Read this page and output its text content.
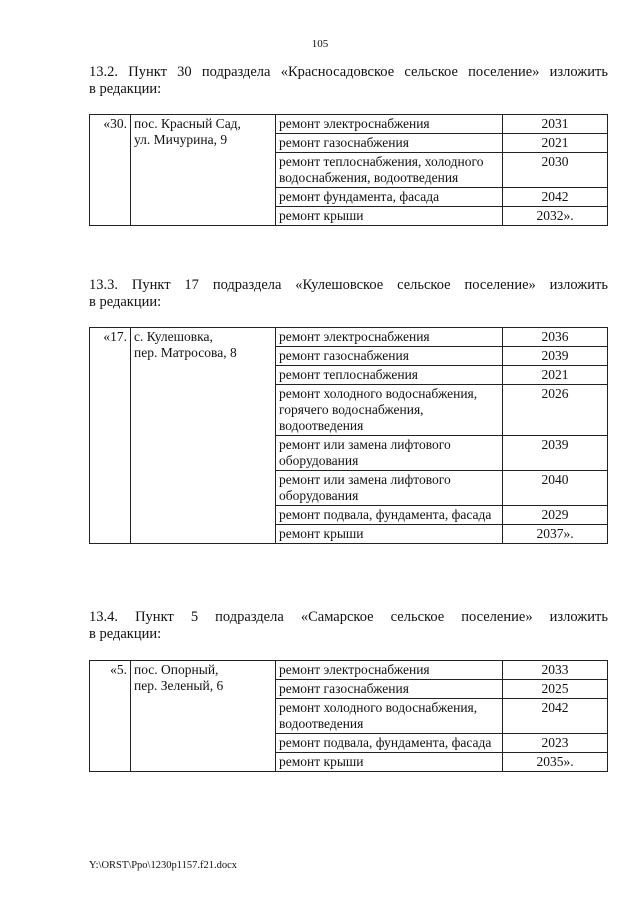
105
13.2. Пункт 30 подраздела «Красносадовское сельское поселение» изложить
в редакции:
«30.	пос. Красный Сад,
ул. Мичурина, 9	ремонт электроснабжения	2031
		ремонт газоснабжения	2021
		ремонт теплоснабжения, холодного водоснабжения, водоотведения	2030
		ремонт фундамента, фасада	2042
		ремонт крыши	2032».
13.3. Пункт 17 подраздела «Кулешовское сельское поселение» изложить
в редакции:
«17.	с. Кулешовка,
пер. Матросова, 8	ремонт электроснабжения	2036
		ремонт газоснабжения	2039
		ремонт теплоснабжения	2021
		ремонт холодного водоснабжения, горячего водоснабжения, водоотведения	2026
		ремонт или замена лифтового оборудования	2039
		ремонт или замена лифтового оборудования	2040
		ремонт подвала, фундамента, фасада	2029
		ремонт крыши	2037».
13.4. Пункт 5 подраздела «Самарское сельское поселение» изложить
в редакции:
«5.	пос. Опорный,
пер. Зеленый, 6	ремонт электроснабжения	2033
		ремонт газоснабжения	2025
		ремонт холодного водоснабжения, водоотведения	2042
		ремонт подвала, фундамента, фасада	2023
		ремонт крыши	2035».
Y:\ORST\Ppo\1230p1157.f21.docx
